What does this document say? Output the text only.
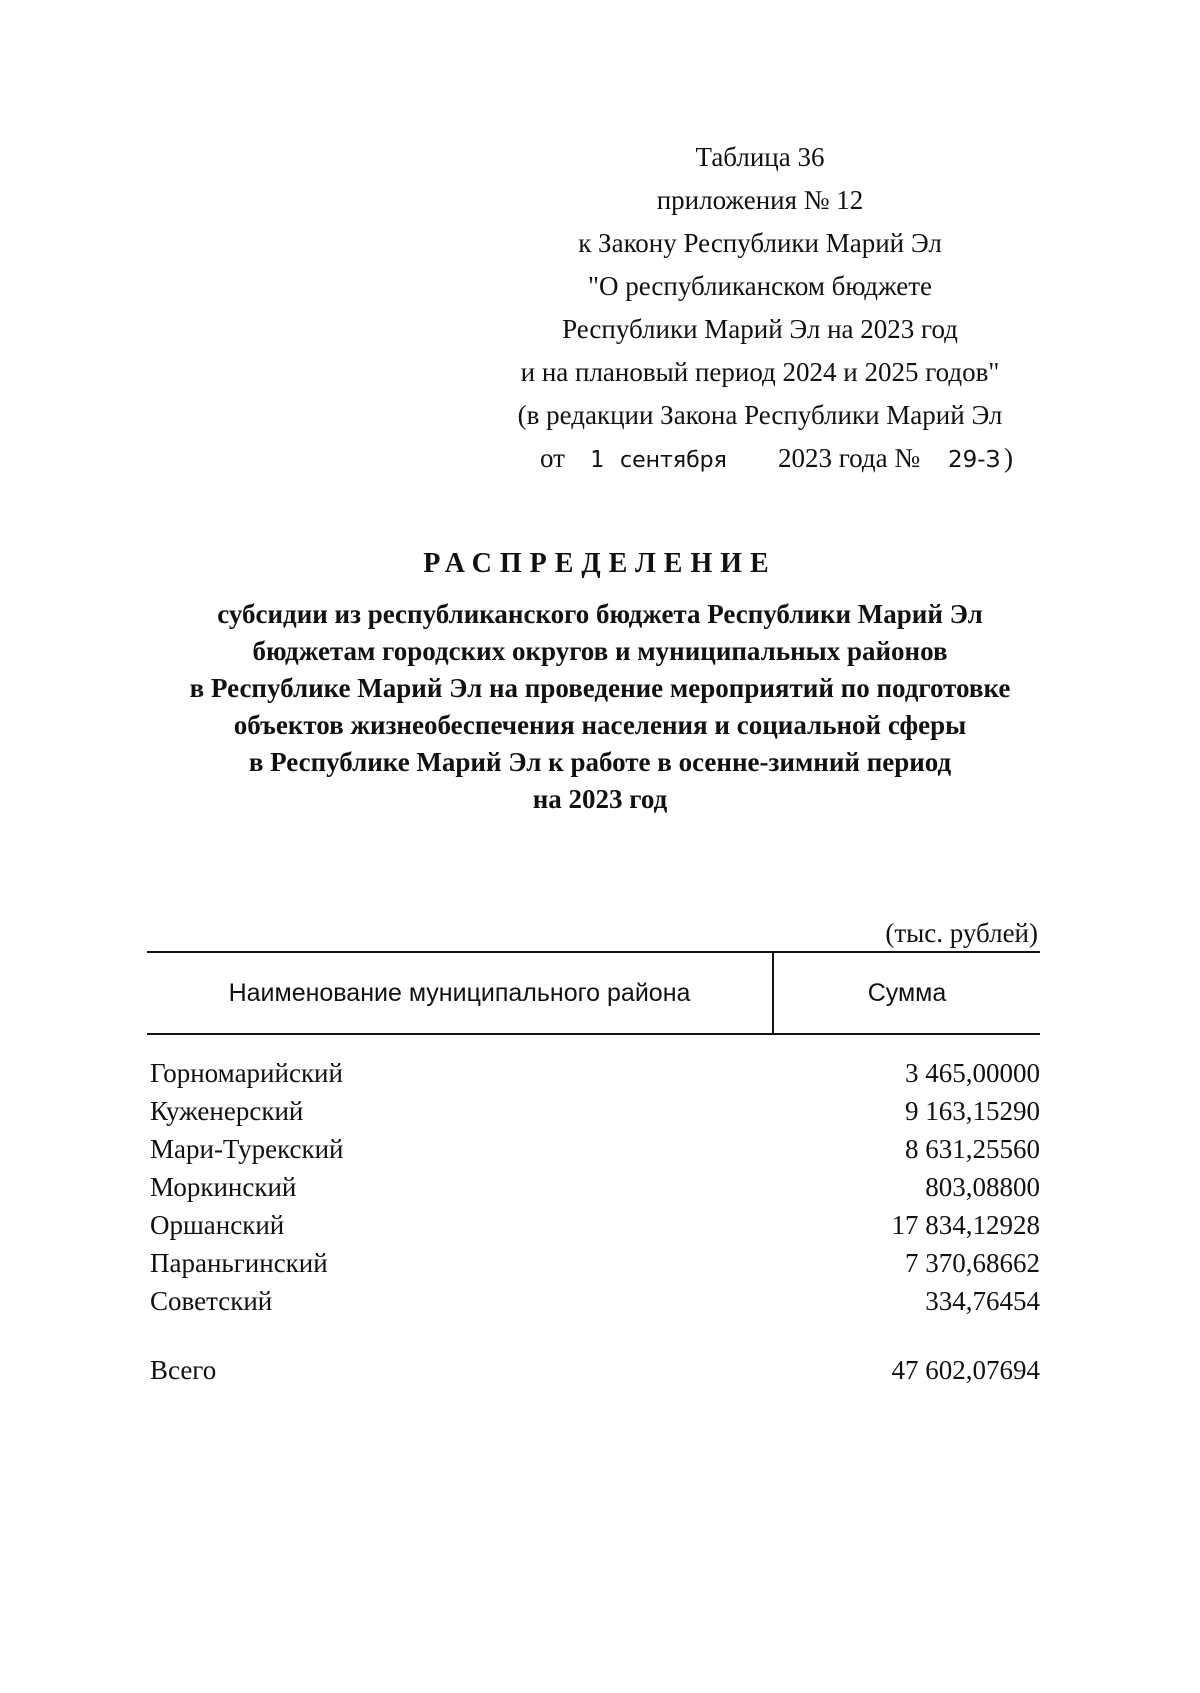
Таблица 36
приложения № 12
к Закону Республики Марий Эл
"О республиканском бюджете
Республики Марий Эл на 2023 год
и на плановый период 2024 и 2025 годов"
(в редакции Закона Республики Марий Эл
от 1 сентября 2023 года № 29-З )
РАСПРЕДЕЛЕНИЕ
субсидии из республиканского бюджета Республики Марий Эл
бюджетам городских округов и муниципальных районов
в Республике Марий Эл на проведение мероприятий по подготовке
объектов жизнеобеспечения населения и социальной сферы
в Республике Марий Эл к работе в осенне-зимний период
на 2023 год
(тыс. рублей)
Наименование муниципального района	Сумма
Горномарийский	3 465,00000
Куженерский	9 163,15290
Мари-Турекский	8 631,25560
Моркинский	803,08800
Оршанский	17 834,12928
Параньгинский	7 370,68662
Советский	334,76454
Всего	47 602,07694
